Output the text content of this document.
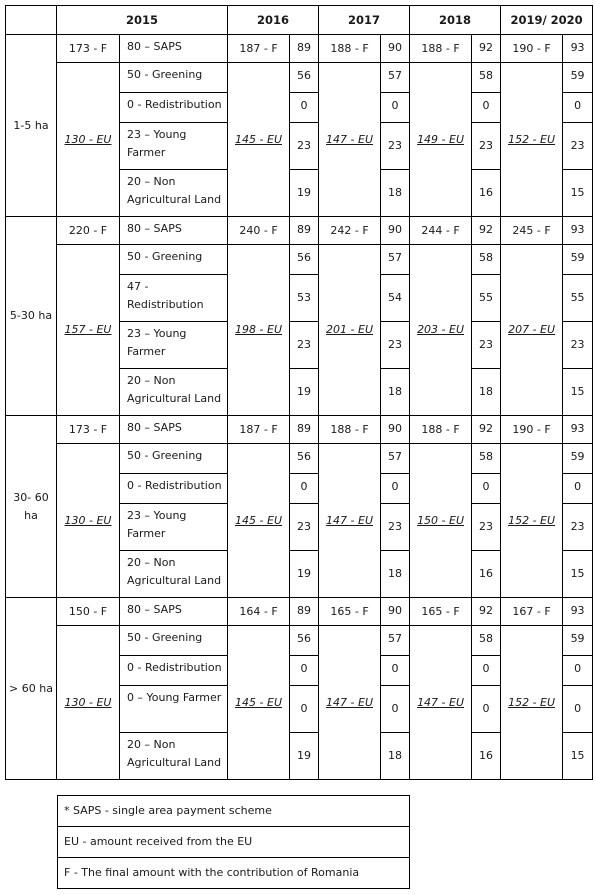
	2015		2016		2017		2018		2019/ 2020	
1-5 ha	173 - F	80 – SAPS	187 - F	89	188 - F	90	188 - F	92	190 - F	93
	130 - EU	50 - Greening	145 - EU	56	147 - EU	57	149 - EU	58	152 - EU	59
		0 - Redistribution		0		0		0		0
		23 – Young Farmer		23		23		23		23
		20 – Non Agricultural Land		19		18		16		15
5-30 ha	220 - F	80 – SAPS	240 - F	89	242 - F	90	244 - F	92	245 - F	93
	157 - EU	50 - Greening	198 - EU	56	201 - EU	57	203 - EU	58	207 - EU	59
		47 - Redistribution		53		54		55		55
		23 – Young Farmer		23		23		23		23
		20 – Non Agricultural Land		19		18		18		15
30- 60 ha	173 - F	80 – SAPS	187 - F	89	188 - F	90	188 - F	92	190 - F	93
	130 - EU	50 - Greening	145 - EU	56	147 - EU	57	150 - EU	58	152 - EU	59
		0 - Redistribution		0		0		0		0
		23 – Young Farmer		23		23		23		23
		20 – Non Agricultural Land		19		18		16		15
> 60 ha	150 - F	80 – SAPS	164 - F	89	165 - F	90	165 - F	92	167 - F	93
	130 - EU	50 - Greening	145 - EU	56	147 - EU	57	147 - EU	58	152 - EU	59
		0 - Redistribution		0		0		0		0
		0 – Young Farmer		0		0		0		0
		20 – Non Agricultural Land		19		18		16		15
* SAPS - single area payment scheme
EU - amount received from the EU
F - The final amount with the contribution of Romania
